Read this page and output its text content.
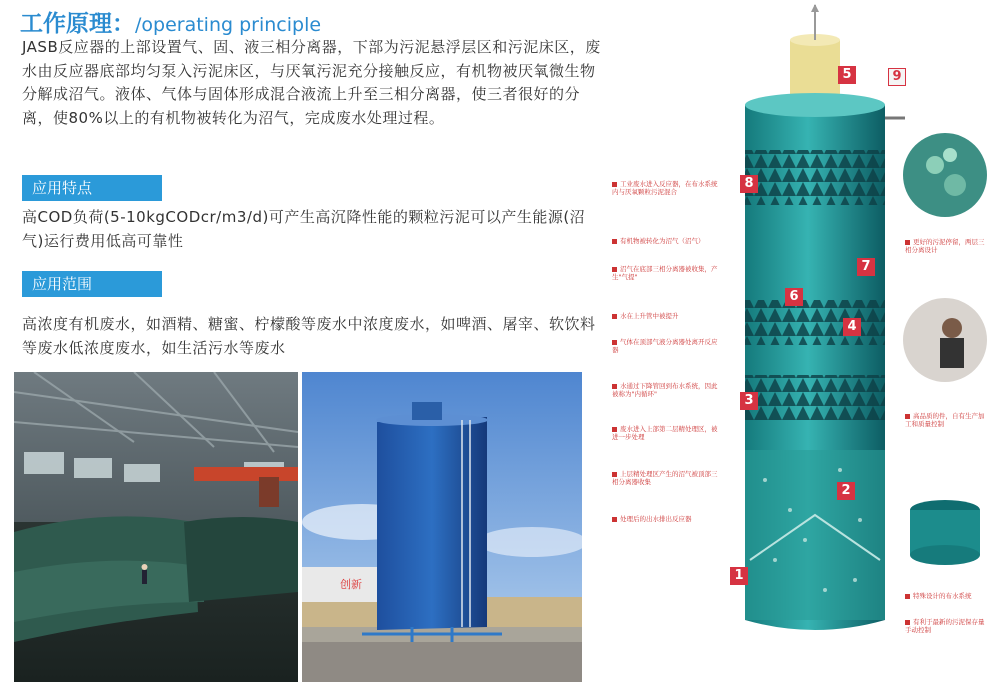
工作原理：/operating principle
JASB反应器的上部设置气、固、液三相分离器，下部为污泥悬浮层区和污泥床区，废水由反应器底部均匀泵入污泥床区，与厌氧污泥充分接触反应，有机物被厌氧微生物分解成沼气。液体、气体与固体形成混合液流上升至三相分离器，使三者很好的分离，使80%以上的有机物被转化为沼气，完成废水处理过程。
应用特点
高COD负荷(5-10kgCODcr/m3/d)可产生高沉降性能的颗粒污泥可以产生能源(沼气)运行费用低高可靠性
应用范围
高浓度有机废水，如酒精、糖蜜、柠檬酸等废水中浓度废水，如啤酒、屠宰、软饮料等废水低浓度废水，如生活污水等废水
创新
5	9
8
7
6
4
3
2
1
工业废水进入反应器，在布水系统内与厌氧颗粒污泥混合
有机物被转化为沼气（沼气）
沼气在底部三相分离器被收集，产生"气提"
水在上升管中被提升
气体在顶部气液分离器处离开反应器
水通过下降管回到布水系统，因此被称为"内循环"
废水进入上部第二层精处理区，被进一步处理
上层精处理区产生的沼气被顶部三相分离器收集
处理后的出水排出反应器
更好的污泥停留，两层三相分离设计
高品质的件，自有生产加工和质量控制
特殊设计的布水系统
有利于最新的污泥保存量手动控制
